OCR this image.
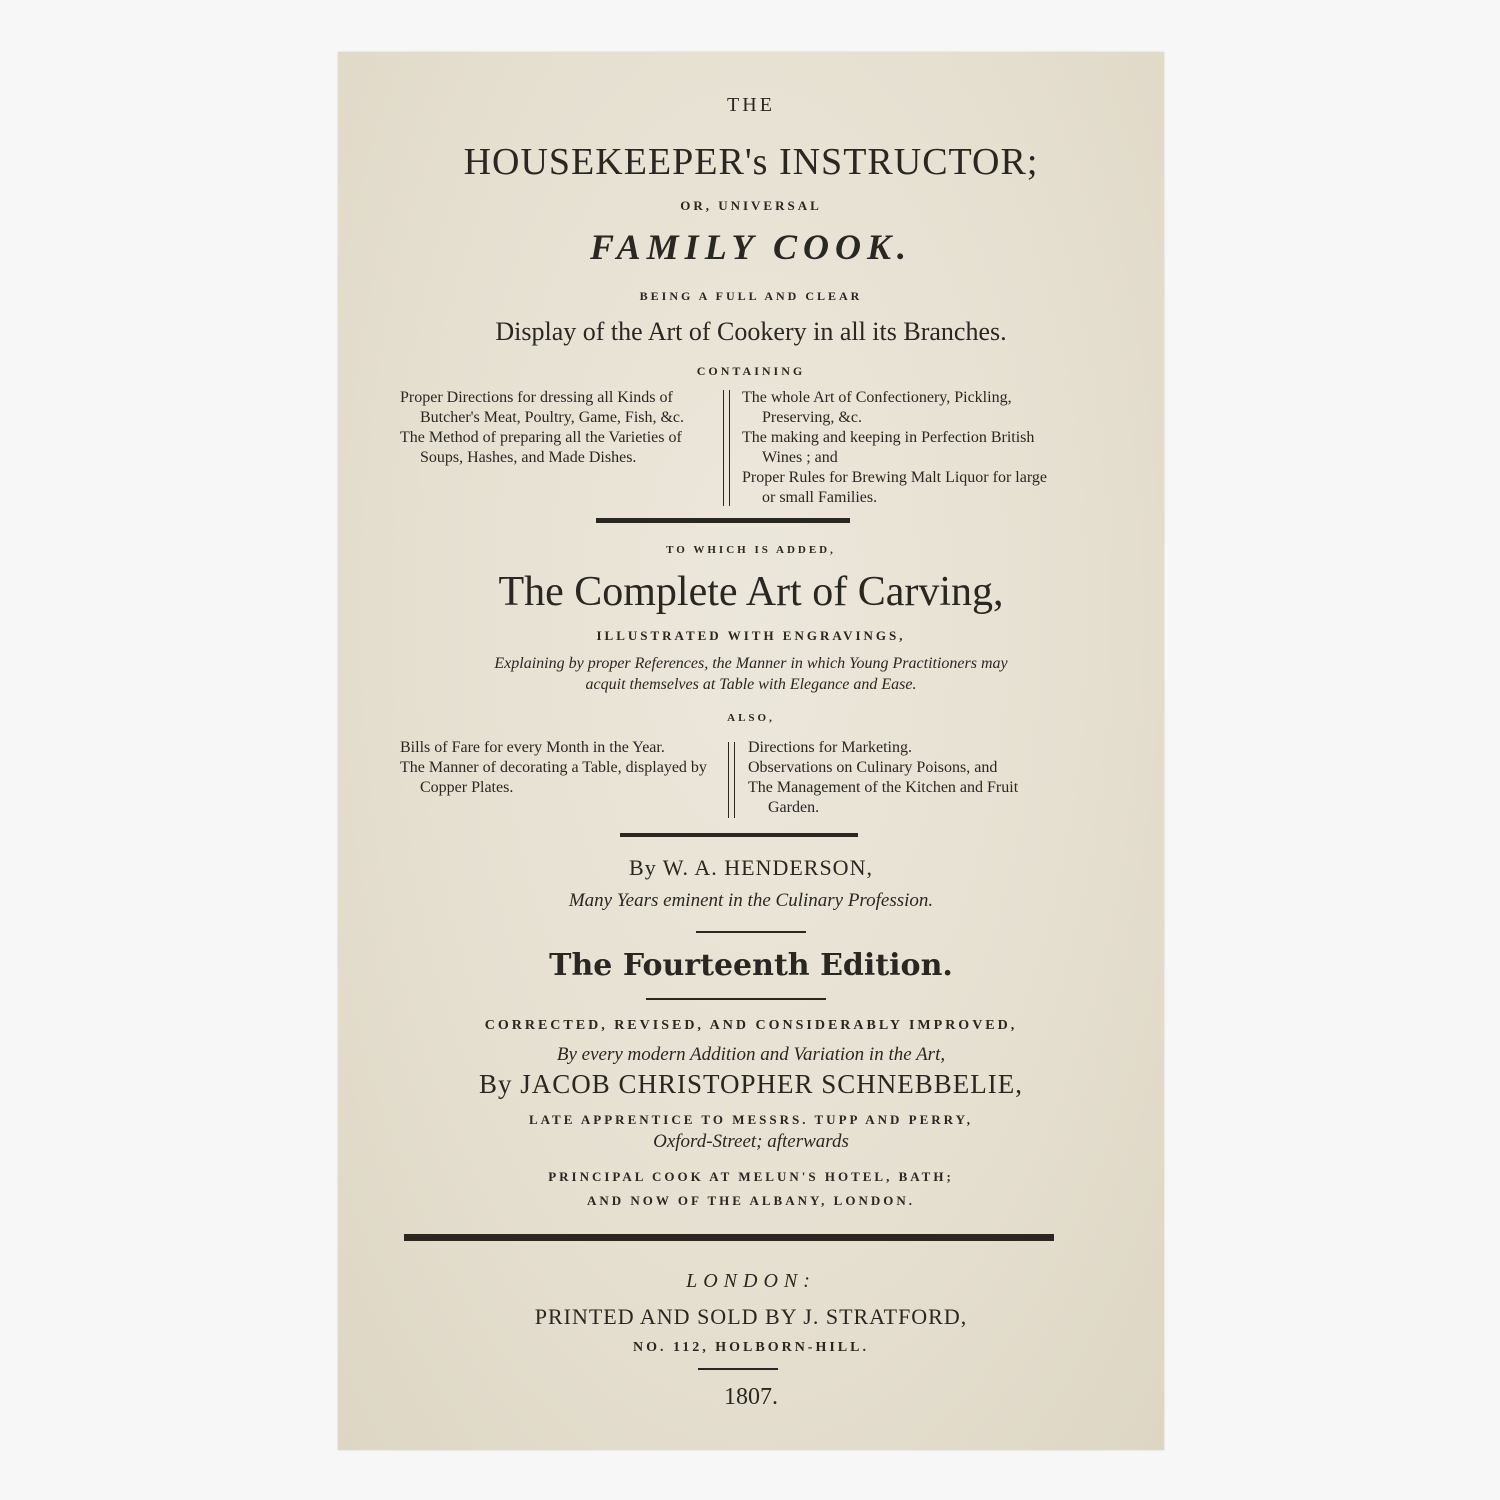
THE

HOUSEKEEPER's INSTRUCTOR;

OR, UNIVERSAL

FAMILY COOK.

BEING A FULL AND CLEAR

Display of the Art of Cookery in all its Branches.

CONTAINING

Proper Directions for dressing all Kinds of Butcher's Meat, Poultry, Game, Fish, &c.
The Method of preparing all the Varieties of Soups, Hashes, and Made Dishes.
The whole Art of Confectionery, Pickling, Preserving, &c.
The making and keeping in Perfection British Wines ; and
Proper Rules for Brewing Malt Liquor for large or small Families.

TO WHICH IS ADDED,

The Complete Art of Carving,

ILLUSTRATED WITH ENGRAVINGS,

Explaining by proper References, the Manner in which Young Practitioners may

acquit themselves at Table with Elegance and Ease.

ALSO,

Bills of Fare for every Month in the Year.
The Manner of decorating a Table, displayed by Copper Plates.
Directions for Marketing.
Observations on Culinary Poisons, and
The Management of the Kitchen and Fruit Garden.

By W. A. HENDERSON,

Many Years eminent in the Culinary Profession.

The Fourteenth Edition.

CORRECTED, REVISED, AND CONSIDERABLY IMPROVED,

By every modern Addition and Variation in the Art,

By JACOB CHRISTOPHER SCHNEBBELIE,

LATE APPRENTICE TO MESSRS. TUPP AND PERRY,

Oxford-Street; afterwards

PRINCIPAL COOK AT MELUN'S HOTEL, BATH;

AND NOW OF THE ALBANY, LONDON.

LONDON:

PRINTED AND SOLD BY J. STRATFORD,

NO. 112, HOLBORN-HILL.

1807.
